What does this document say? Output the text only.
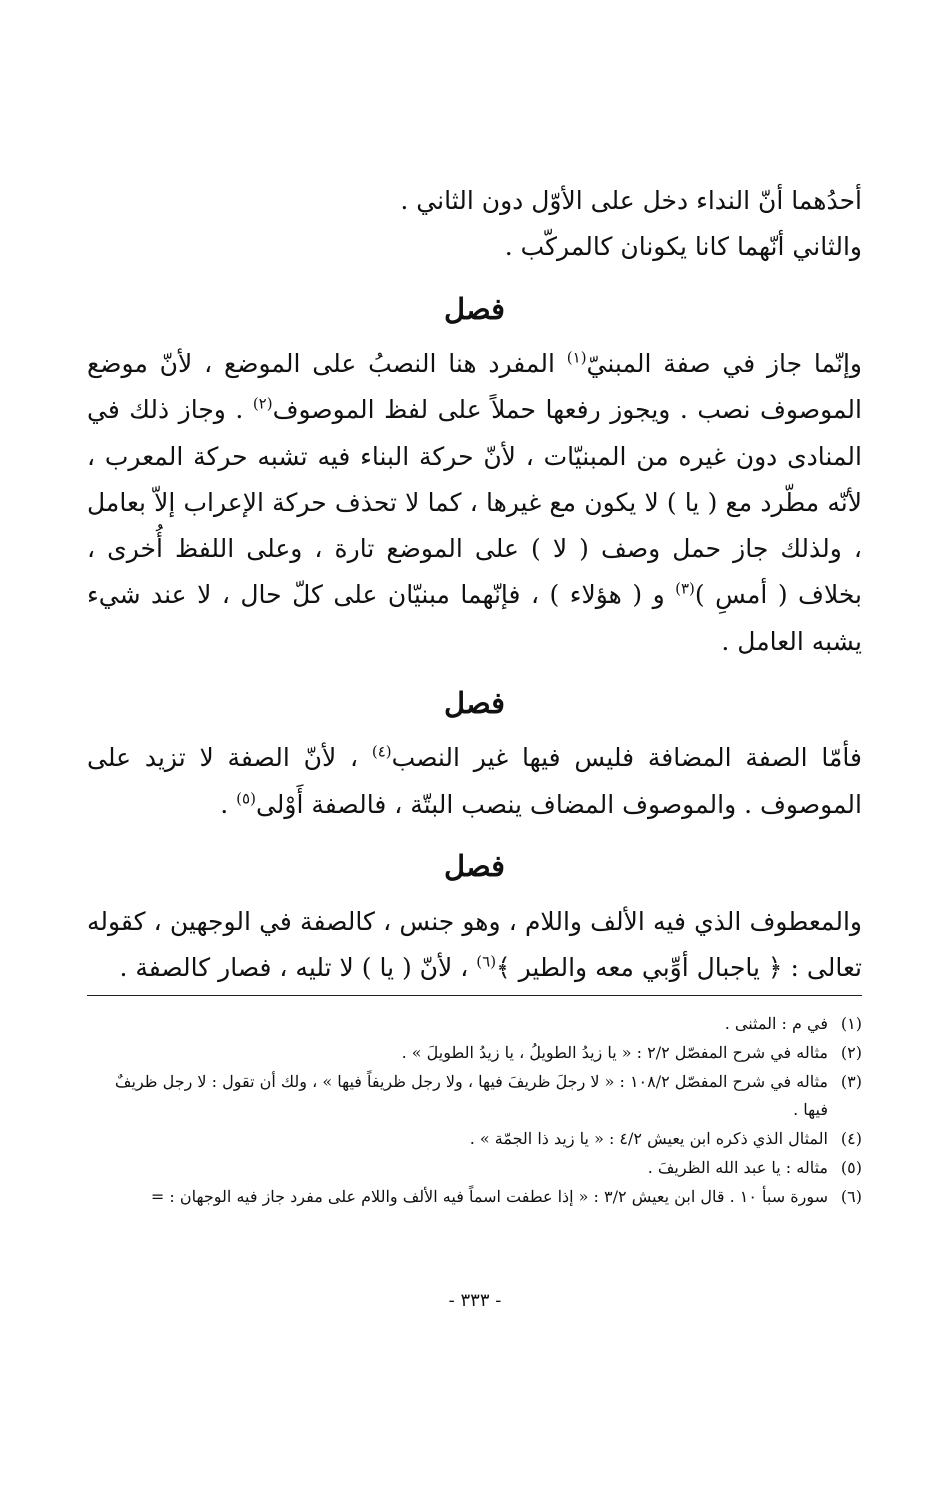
أحدُهما أنّ النداء دخل على الأوّل دون الثاني .
والثاني أنّهما كانا يكونان كالمركّب .
فصل

وإنّما جاز في صفة المبنيّ$^{(١)}$ المفرد هنا النصبُ على الموضع ، لأنّ موضع الموصوف نصب . ويجوز رفعها حملاً على لفظ الموصوف$^{(٢)}$ . وجاز ذلك في المنادى دون غيره من المبنيّات ، لأنّ حركة البناء فيه تشبه حركة المعرب ، لأنّه مطّرد مع ( يا ) لا يكون مع غيرها ، كما لا تحذف حركة الإعراب إلاّ بعامل ، ولذلك جاز حمل وصف ( لا ) على الموضع تارة ، وعلى اللفظ أُخرى ، بخلاف ( أمسِ )$^{(٣)}$ و ( هؤلاء ) ، فإنّهما مبنيّان على كلّ حال ، لا عند شيء يشبه العامل .

فصل

فأمّا الصفة المضافة فليس فيها غير النصب$^{(٤)}$ ، لأنّ الصفة لا تزيد على الموصوف . والموصوف المضاف ينصب البتّة ، فالصفة أَوْلى$^{(٥)}$ .

فصل

والمعطوف الذي فيه الألف واللام ، وهو جنس ، كالصفة في الوجهين ، كقوله تعالى : ﴿ ياجبال أوِّبي معه والطير ﴾$^{(٦)}$ ، لأنّ ( يا ) لا تليه ، فصار كالصفة .

(١)
في م : المثنى .
(٢)
مثاله في شرح المفصّل ٢/٢ : « يا زيدُ الطويلُ ، يا زيدُ الطويلَ » .
(٣)
مثاله في شرح المفصّل ١٠٨/٢ : « لا رجلَ ظريفَ فيها ، ولا رجل ظريفاً فيها » ، ولك أن تقول : لا رجل ظريفٌ فيها .
(٤)
المثال الذي ذكره ابن يعيش ٤/٢ : « يا زيد ذا الجمّة » .
(٥)
مثاله : يا عبد الله الظريفَ .
(٦)
سورة سبأ ١٠ . قال ابن يعيش ٣/٢ : « إذا عطفت اسماً فيه الألف واللام على مفرد جاز فيه الوجهان : =
- ٣٣٣ -
